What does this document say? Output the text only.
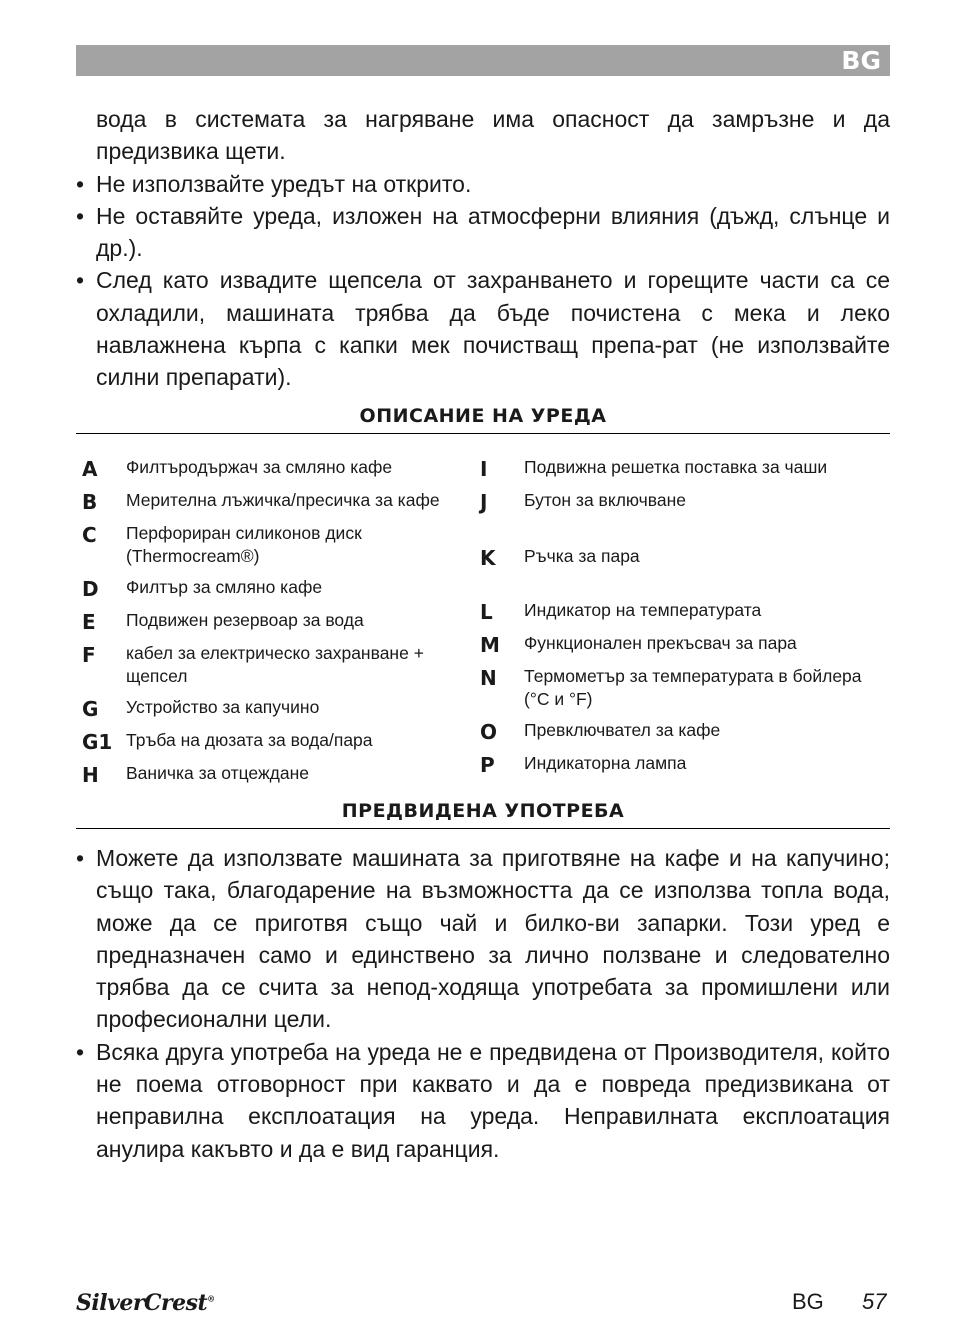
BG
вода в системата за нагряване има опасност да замръзне и да предизвика щети.
• Не използвайте уредът на открито.
• Не оставяйте уреда, изложен на атмосферни влияния (дъжд, слънце и др.).
• След като извадите щепсела от захранването и горещите части са се охладили, машината трябва да бъде почистена с мека и леко навлажнена кърпа с капки мек почистващ препа-рат (не използвайте силни препарати).
ОПИСАНИЕ НА УРЕДА
A	Филтъродържач за смляно кафе
B	Мерителна лъжичка/пресичка за кафе
C	Перфориран силиконов диск (Thermocream®)
D	Филтър за смляно кафе
E	Подвижен резервоар за вода
F	кабел за електрическо захранване + щепсел
G	Устройство за капучино
G1 Тръба на дюзата за вода/пара
H	Ваничка за отцеждане
I	Подвижна решетка поставка за чаши
J	Бутон за включване
K	Ръчка за пара
L	Индикатор на температурата
M	Функционален прекъсвач за пара
N	Термометър за температурата в бойлера (°C и °F)
O	Превключвател за кафе
P	Индикаторна лампа
ПРЕДВИДЕНА УПОТРЕБА
• Можете да използвате машината за приготвяне на кафе и на капучино; също така, благодарение на възможността да се използва топла вода, може да се приготвя също чай и билко-ви запарки. Този уред е предназначен само и единствено за лично ползване и следователно трябва да се счита за непод-ходяща употребата за промишлени или професионални цели.
• Всяка друга употреба на уреда не е предвидена от Производителя, който не поема отговорност при каквато и да е повреда предизвикана от неправилна експлоатация на уреда. Неправилната експлоатация анулира какъвто и да е вид гаранция.
SilverCrest®	BG 57
